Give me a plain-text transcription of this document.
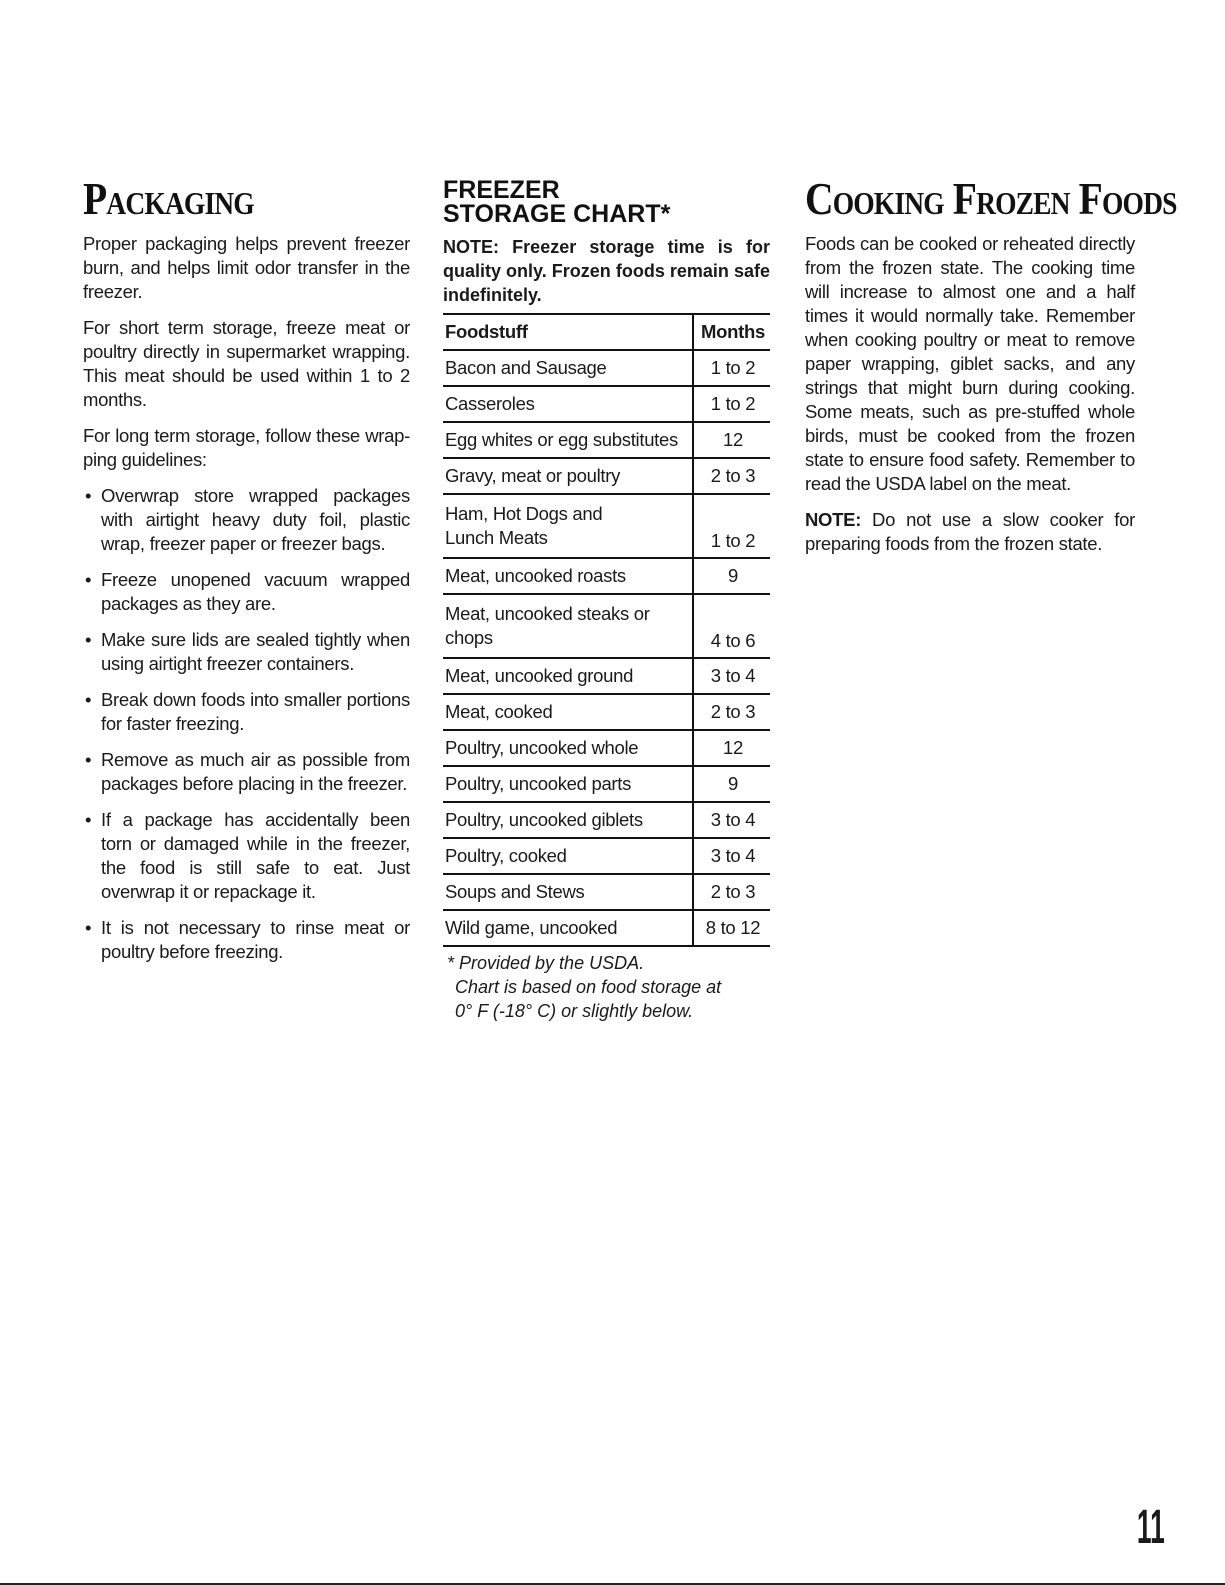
Packaging

Proper packaging helps prevent freezer burn, and helps limit odor transfer in the freezer.

For short term storage, freeze meat or poultry directly in supermarket wrapping. This meat should be used within 1 to 2 months.

For long term storage, follow these wrap-ping guidelines:

• Overwrap store wrapped packages with airtight heavy duty foil, plastic wrap, freezer paper or freezer bags.
• Freeze unopened vacuum wrapped packages as they are.
• Make sure lids are sealed tightly when using airtight freezer containers.
• Break down foods into smaller portions for faster freezing.
• Remove as much air as possible from packages before placing in the freezer.
• If a package has accidentally been torn or damaged while in the freezer, the food is still safe to eat. Just overwrap it or repackage it.
• It is not necessary to rinse meat or poultry before freezing.
FREEZER
STORAGE CHART*

NOTE: Freezer storage time is for quality only. Frozen foods remain safe indefinitely.

Foodstuff	Months

Bacon and Sausage	1 to 2

Casseroles	1 to 2

Egg whites or egg substitutes	12

Gravy, meat or poultry	2 to 3

Ham, Hot Dogs and
Lunch Meats	1 to 2

Meat, uncooked roasts	9

Meat, uncooked steaks or
chops	4 to 6

Meat, uncooked ground	3 to 4

Meat, cooked	2 to 3

Poultry, uncooked whole	12

Poultry, uncooked parts	9

Poultry, uncooked giblets	3 to 4

Poultry, cooked	3 to 4

Soups and Stews	2 to 3

Wild game, uncooked	8 to 12
* Provided by the USDA.
Chart is based on food storage at
0° F (-18° C) or slightly below.
Cooking Frozen Foods

Foods can be cooked or reheated directly from the frozen state. The cooking time will increase to almost one and a half times it would normally take. Remember when cooking poultry or meat to remove paper wrapping, giblet sacks, and any strings that might burn during cooking. Some meats, such as pre-stuffed whole birds, must be cooked from the frozen state to ensure food safety. Remember to read the USDA label on the meat.

NOTE: Do not use a slow cooker for preparing foods from the frozen state.

11
